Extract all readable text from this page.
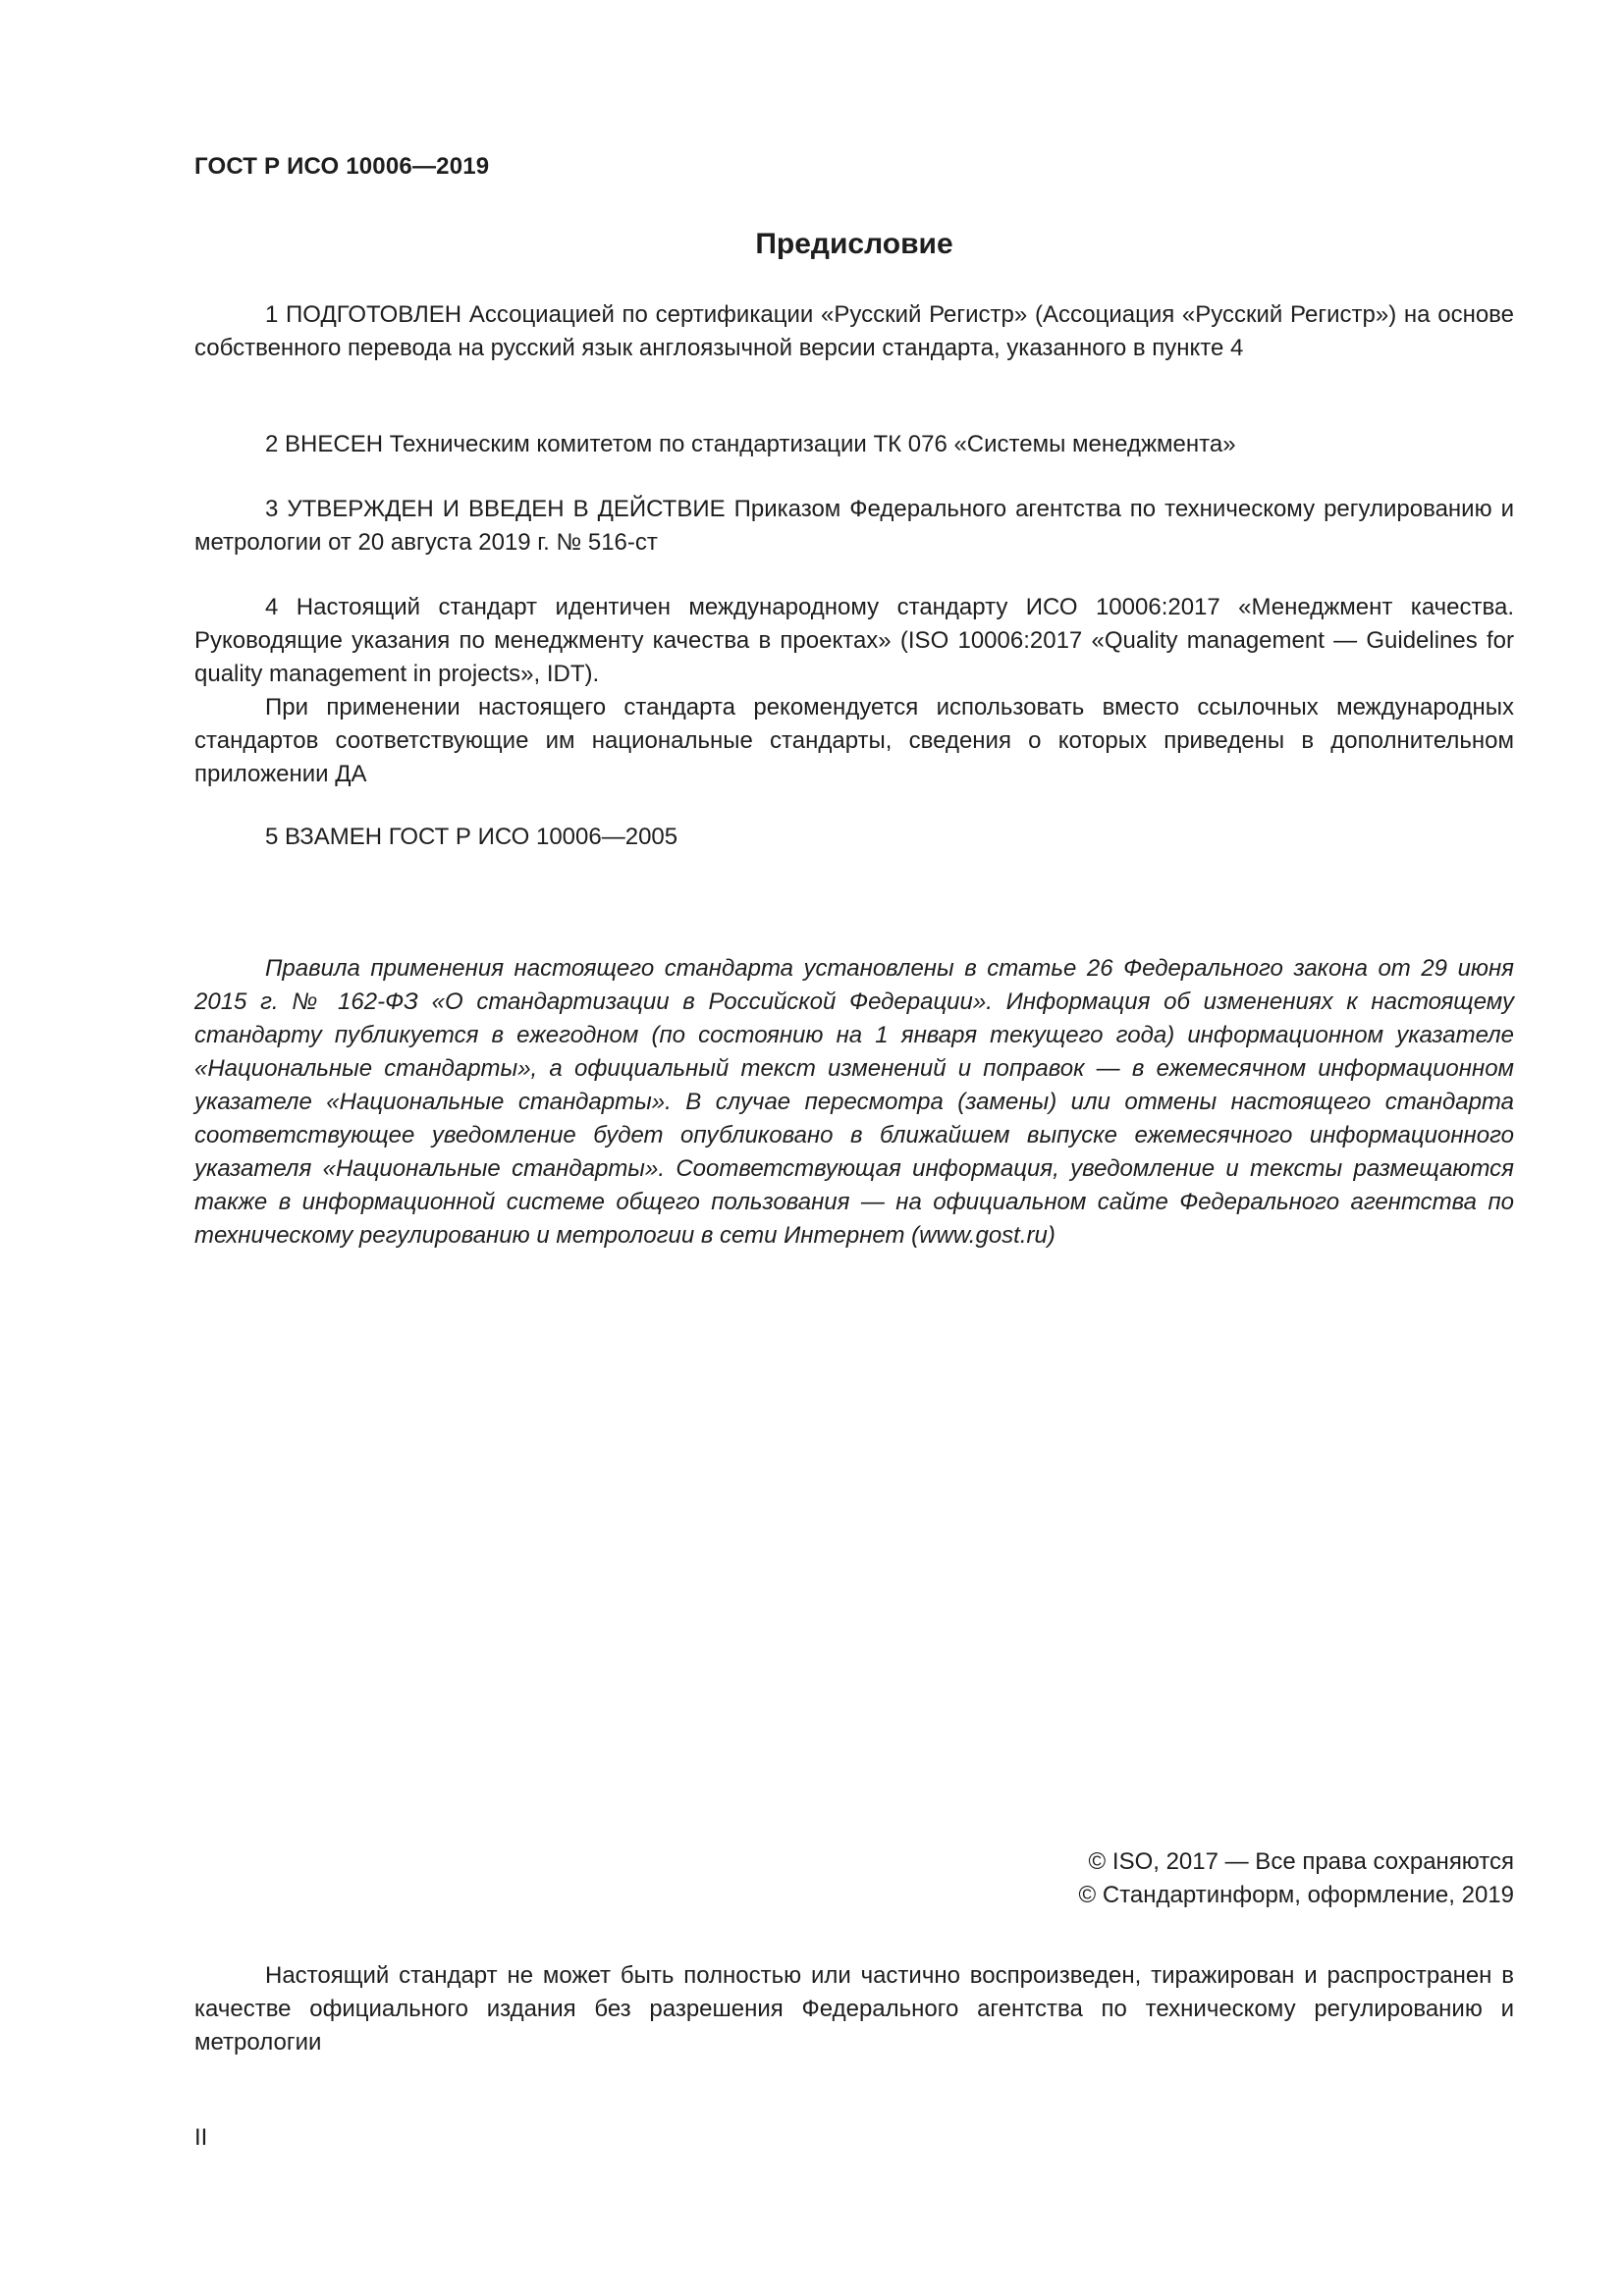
ГОСТ Р ИСО 10006—2019
Предисловие
1 ПОДГОТОВЛЕН Ассоциацией по сертификации «Русский Регистр» (Ассоциация «Русский Регистр») на основе собственного перевода на русский язык англоязычной версии стандарта, указанного в пункте 4
2 ВНЕСЕН Техническим комитетом по стандартизации ТК 076 «Системы менеджмента»
3 УТВЕРЖДЕН И ВВЕДЕН В ДЕЙСТВИЕ Приказом Федерального агентства по техническому регулированию и метрологии от 20 августа 2019 г. № 516-ст
4 Настоящий стандарт идентичен международному стандарту ИСО 10006:2017 «Менеджмент качества. Руководящие указания по менеджменту качества в проектах» (ISO 10006:2017 «Quality management — Guidelines for quality management in projects», IDT).
При применении настоящего стандарта рекомендуется использовать вместо ссылочных международных стандартов соответствующие им национальные стандарты, сведения о которых приведены в дополнительном приложении ДА
5 ВЗАМЕН ГОСТ Р ИСО 10006—2005
Правила применения настоящего стандарта установлены в статье 26 Федерального закона от 29 июня 2015 г. № 162-ФЗ «О стандартизации в Российской Федерации». Информация об изменениях к настоящему стандарту публикуется в ежегодном (по состоянию на 1 января текущего года) информационном указателе «Национальные стандарты», а официальный текст изменений и поправок — в ежемесячном информационном указателе «Национальные стандарты». В случае пересмотра (замены) или отмены настоящего стандарта соответствующее уведомление будет опубликовано в ближайшем выпуске ежемесячного информационного указателя «Национальные стандарты». Соответствующая информация, уведомление и тексты размещаются также в информационной системе общего пользования — на официальном сайте Федерального агентства по техническому регулированию и метрологии в сети Интернет (www.gost.ru)
© ISO, 2017 — Все права сохраняются
© Стандартинформ, оформление, 2019
Настоящий стандарт не может быть полностью или частично воспроизведен, тиражирован и распространен в качестве официального издания без разрешения Федерального агентства по техническому регулированию и метрологии
II
